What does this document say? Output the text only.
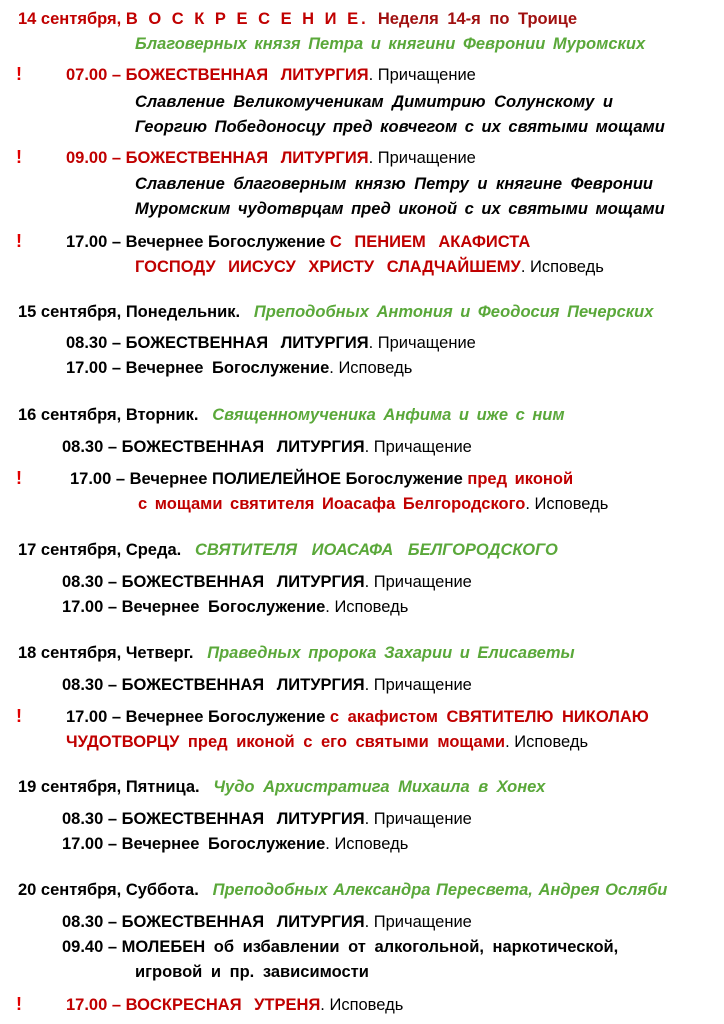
14 сентября, В О С К Р Е С Е Н И Е. Неделя 14-я по Троице
Благоверных князя Петра и княгини Февронии Муромских
!	07.00 – БОЖЕСТВЕННАЯ ЛИТУРГИЯ. Причащение
Славление Великомученикам Димитрию Солунскому и
Георгию Победоносцу пред ковчегом с их святыми мощами
!	09.00 – БОЖЕСТВЕННАЯ ЛИТУРГИЯ. Причащение
Славление благоверным князю Петру и княгине Февронии
Муромским чудотврцам пред иконой с их святыми мощами
!	17.00 – Вечернее Богослужение С ПЕНИЕМ АКАФИСТА
ГОСПОДУ ИИСУСУ ХРИСТУ СЛАДЧАЙШЕМУ. Исповедь
15 сентября, Понедельник. Преподобных Антония и Феодосия Печерских
08.30 – БОЖЕСТВЕННАЯ ЛИТУРГИЯ. Причащение
17.00 – Вечернее Богослужение. Исповедь
16 сентября, Вторник. Священномученика Анфима и иже с ним
08.30 – БОЖЕСТВЕННАЯ ЛИТУРГИЯ. Причащение
!	17.00 – Вечернее ПОЛИЕЛЕЙНОЕ Богослужение пред иконой
с мощами святителя Иоасафа Белгородского. Исповедь
17 сентября, Среда. СВЯТИТЕЛЯ ИОАСАФА БЕЛГОРОДСКОГО
08.30 – БОЖЕСТВЕННАЯ ЛИТУРГИЯ. Причащение
17.00 – Вечернее Богослужение. Исповедь
18 сентября, Четверг. Праведных пророка Захарии и Елисаветы
08.30 – БОЖЕСТВЕННАЯ ЛИТУРГИЯ. Причащение
!	17.00 – Вечернее Богослужение с акафистом СВЯТИТЕЛЮ НИКОЛАЮ
ЧУДОТВОРЦУ пред иконой с его святыми мощами. Исповедь
19 сентября, Пятница. Чудо Архистратига Михаила в Хонех
08.30 – БОЖЕСТВЕННАЯ ЛИТУРГИЯ. Причащение
17.00 – Вечернее Богослужение. Исповедь
20 сентября, Суббота. Преподобных Александра Пересвета, Андрея Осляби
08.30 – БОЖЕСТВЕННАЯ ЛИТУРГИЯ. Причащение
09.40 – МОЛЕБЕН об избавлении от алкогольной, наркотической,
игровой и пр. зависимости
!	17.00 – ВОСКРЕСНАЯ УТРЕНЯ. Исповедь
